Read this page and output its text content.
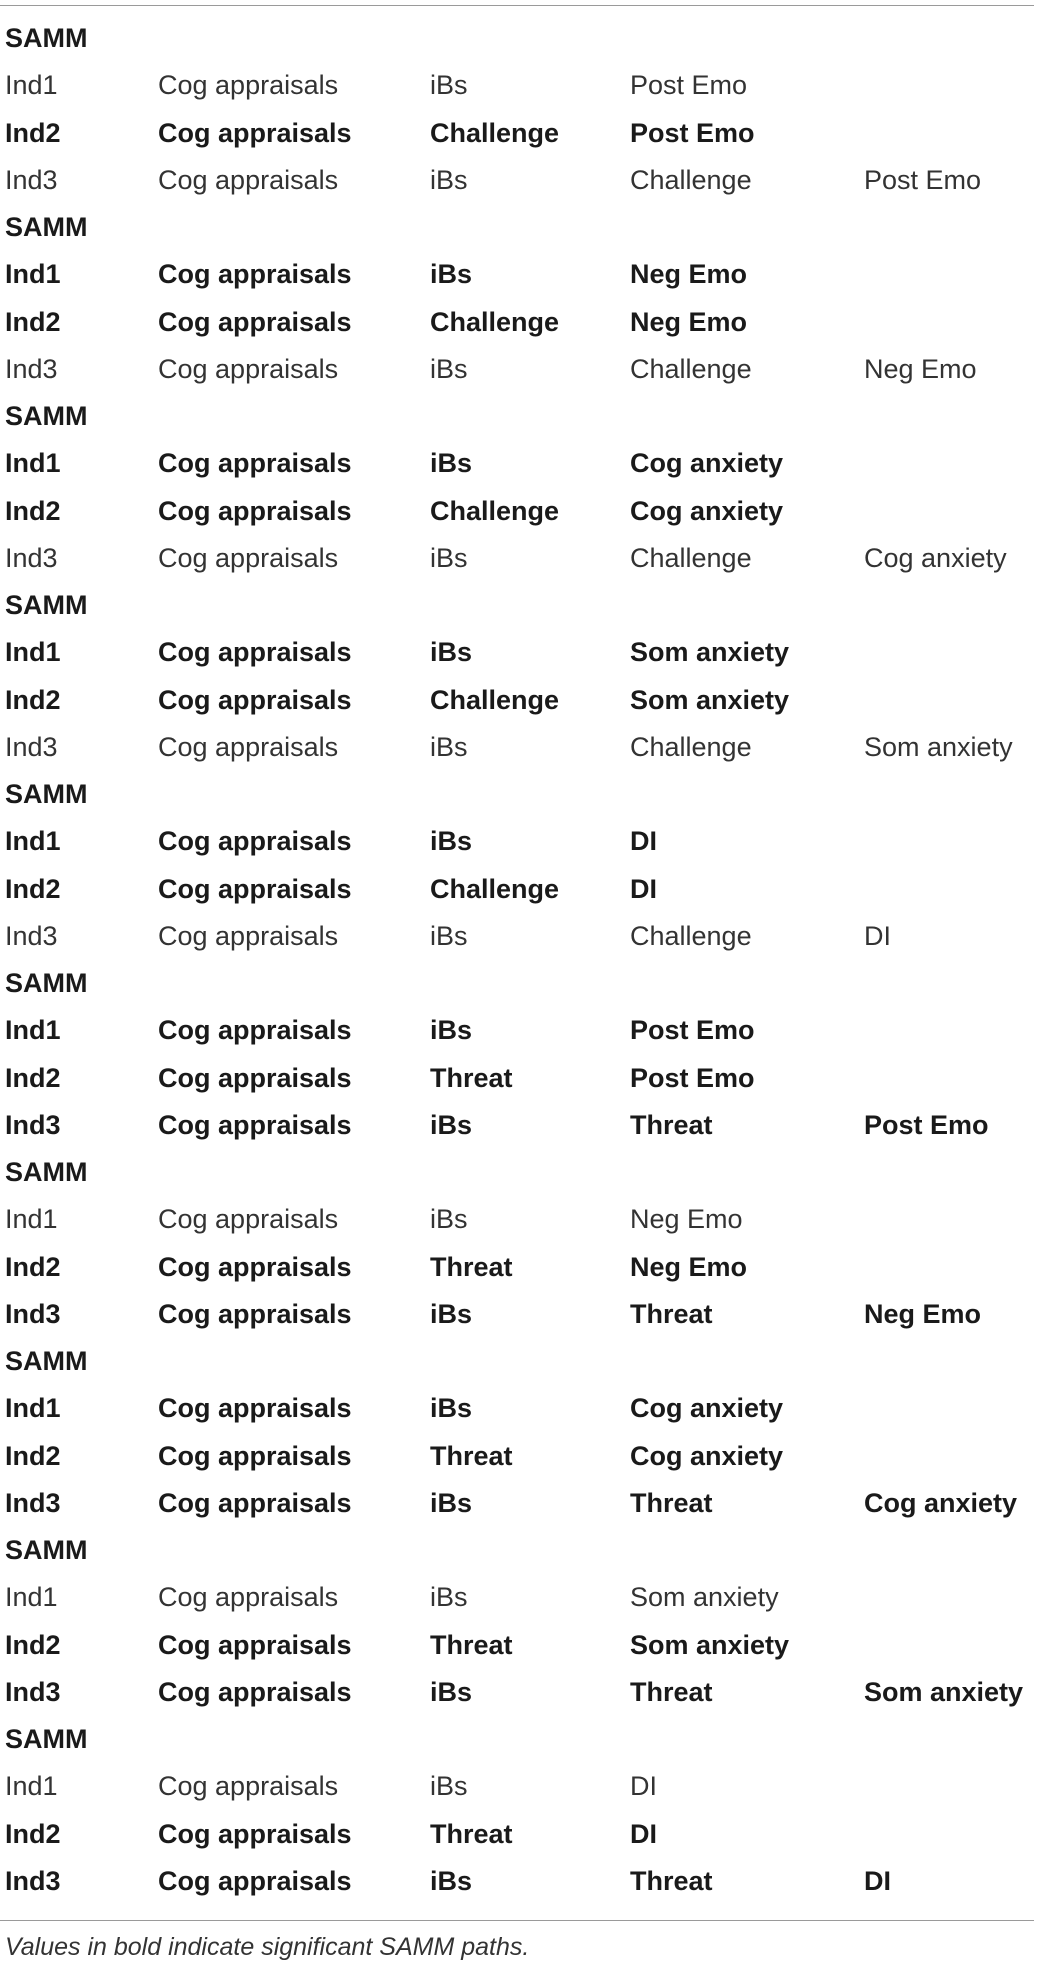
SAMM
Ind1	Cog appraisals	iBs	Post Emo
Ind2	Cog appraisals	Challenge	Post Emo
Ind3	Cog appraisals	iBs	Challenge	Post Emo
SAMM
Ind1	Cog appraisals	iBs	Neg Emo
Ind2	Cog appraisals	Challenge	Neg Emo
Ind3	Cog appraisals	iBs	Challenge	Neg Emo
SAMM
Ind1	Cog appraisals	iBs	Cog anxiety
Ind2	Cog appraisals	Challenge	Cog anxiety
Ind3	Cog appraisals	iBs	Challenge	Cog anxiety
SAMM
Ind1	Cog appraisals	iBs	Som anxiety
Ind2	Cog appraisals	Challenge	Som anxiety
Ind3	Cog appraisals	iBs	Challenge	Som anxiety
SAMM
Ind1	Cog appraisals	iBs	DI
Ind2	Cog appraisals	Challenge	DI
Ind3	Cog appraisals	iBs	Challenge	DI
SAMM
Ind1	Cog appraisals	iBs	Post Emo
Ind2	Cog appraisals	Threat	Post Emo
Ind3	Cog appraisals	iBs	Threat	Post Emo
SAMM
Ind1	Cog appraisals	iBs	Neg Emo
Ind2	Cog appraisals	Threat	Neg Emo
Ind3	Cog appraisals	iBs	Threat	Neg Emo
SAMM
Ind1	Cog appraisals	iBs	Cog anxiety
Ind2	Cog appraisals	Threat	Cog anxiety
Ind3	Cog appraisals	iBs	Threat	Cog anxiety
SAMM
Ind1	Cog appraisals	iBs	Som anxiety
Ind2	Cog appraisals	Threat	Som anxiety
Ind3	Cog appraisals	iBs	Threat	Som anxiety
SAMM
Ind1	Cog appraisals	iBs	DI
Ind2	Cog appraisals	Threat	DI
Ind3	Cog appraisals	iBs	Threat	DI
Values in bold indicate significant SAMM paths.
